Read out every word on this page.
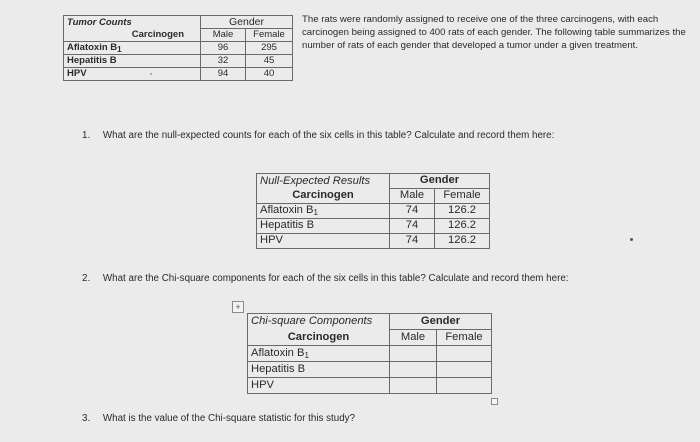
Tumor Counts	Gender	
Carcinogen	Male	Female
Aflatoxin $B_1$	96	295
Hepatitis B	32	45
HPV	94	40
The rats were randomly assigned to receive one of the three carcinogens, with each carcinogen being assigned to 400 rats of each gender. The following table summarizes the number of rats of each gender that developed a tumor under a given treatment.
1. What are the null-expected counts for each of the six cells in this table? Calculate and record them here:
Null-Expected Results	Gender	
Carcinogen	Male	Female
Aflatoxin $B_1$	74	126.2
Hepatitis B	74	126.2
HPV	74	126.2
2. What are the Chi-square components for each of the six cells in this table? Calculate and record them here:
+
Chi-square Components	Gender	
Carcinogen	Male	Female
Aflatoxin $B_1$		
Hepatitis B		
HPV		
3. What is the value of the Chi-square statistic for this study?
